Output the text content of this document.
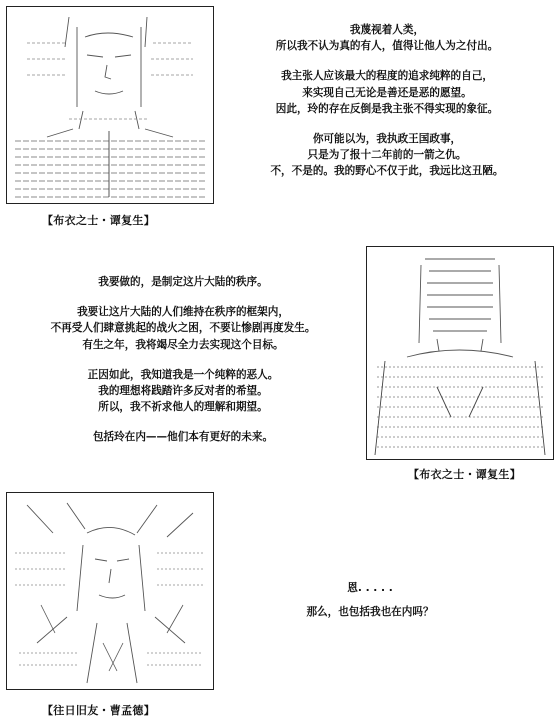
【布衣之士・谭复生】
我蔑视着人类，
所以我不认为真的有人，值得让他人为之付出。
我主张人应该最大的程度的追求纯粹的自己，
来实现自己无论是善还是恶的愿望。
因此，玲的存在反倒是我主张不得实现的象征。
你可能以为，我执政王国政事，
只是为了报十二年前的一箭之仇。
不，不是的。我的野心不仅于此，我远比这丑陋。
我要做的，是制定这片大陆的秩序。
我要让这片大陆的人们维持在秩序的框架内，
不再受人们肆意挑起的战火之困，不要让惨剧再度发生。
有生之年，我将竭尽全力去实现这个目标。
正因如此，我知道我是一个纯粹的恶人。
我的理想将践踏许多反对者的希望。
所以，我不祈求他人的理解和期望。
包括玲在内——他们本有更好的未来。
【布衣之士・谭复生】
【往日旧友・曹孟德】
恩. . . . .
那么，也包括我也在内吗？
